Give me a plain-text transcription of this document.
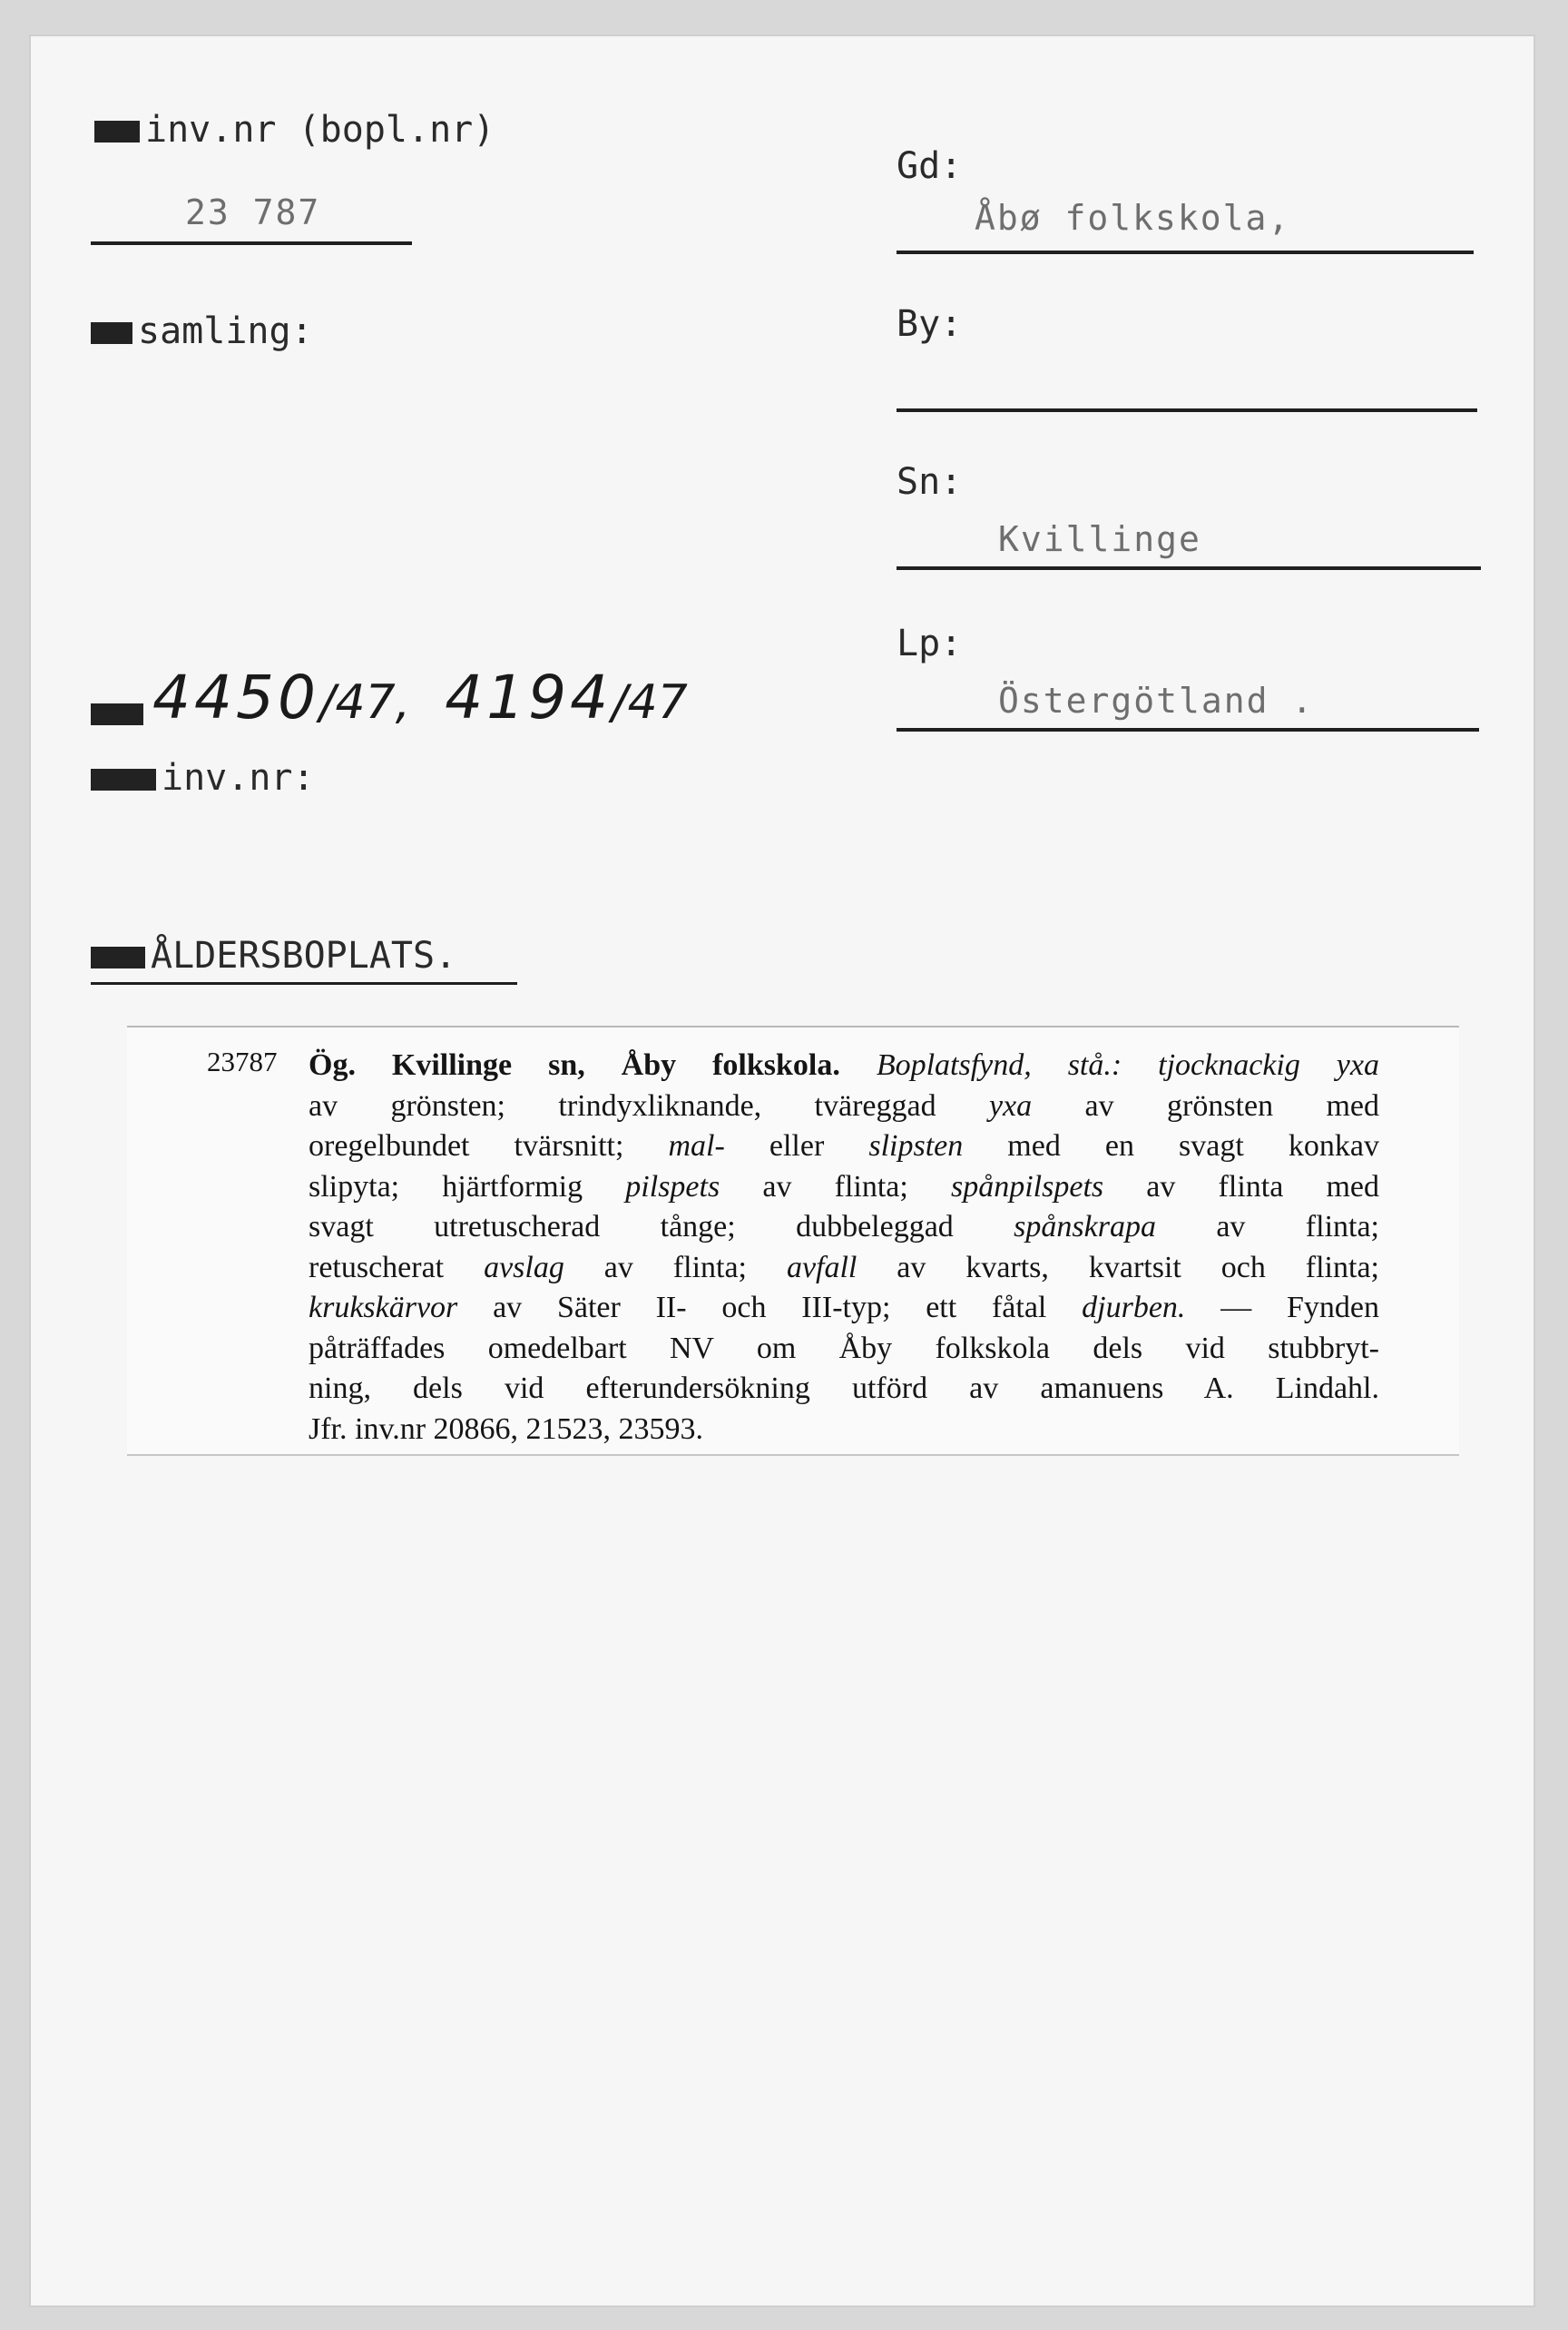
inv.nr (bopl.nr)
23 787
samling:
4450/47, 4194/47
inv.nr:
ÅLDERSBOPLATS.
Gd:
Åbø folkskola,
By:
Sn:
Kvillinge
Lp:
Östergötland .
23787 Ög. Kvillinge sn, Åby folkskola. Boplatsfynd, stå.: tjocknackig yxa
av grönsten; trindyxliknande, tväreggad yxa av grönsten med
oregelbundet tvärsnitt; mal- eller slipsten med en svagt konkav
slipyta; hjärtformig pilspets av flinta; spånpilspets av flinta med
svagt utretuscherad tånge; dubbeleggad spånskrapa av flinta;
retuscherat avslag av flinta; avfall av kvarts, kvartsit och flinta;
krukskärvor av Säter II- och III-typ; ett fåtal djurben. — Fynden
påträffades omedelbart NV om Åby folkskola dels vid stubbryt-
ning, dels vid efterundersökning utförd av amanuens A. Lindahl.
Jfr. inv.nr 20866, 21523, 23593.
